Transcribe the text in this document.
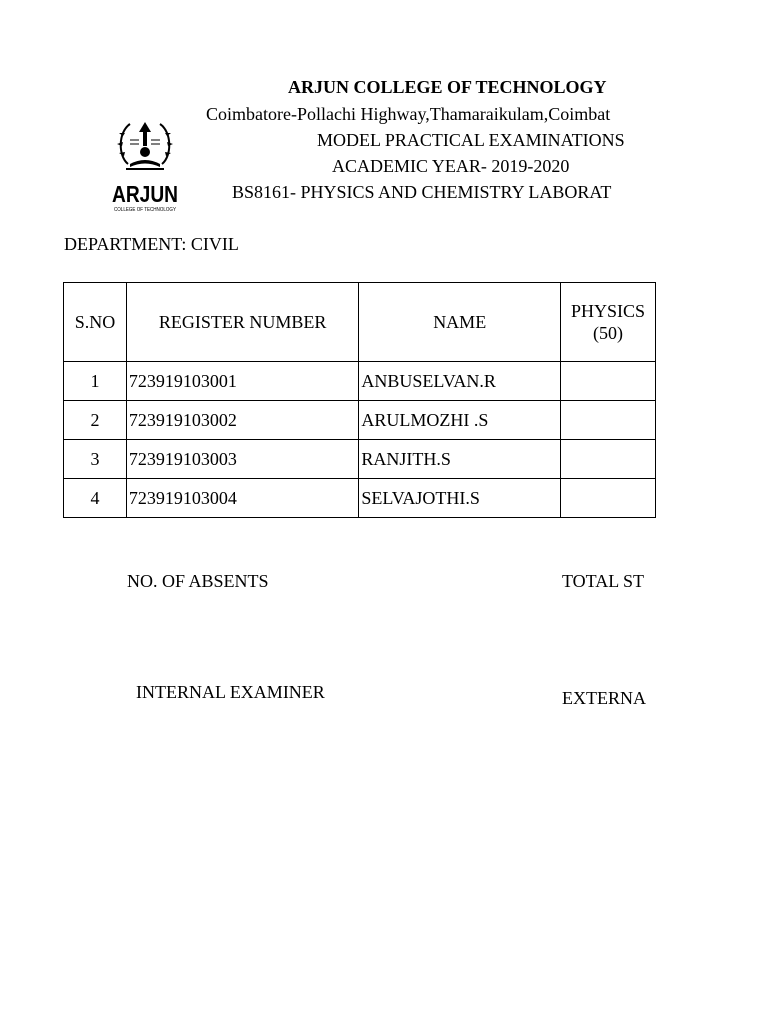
ARJUN
COLLEGE OF TECHNOLOGY
ARJUN COLLEGE OF TECHNOLOGY
Coimbatore-Pollachi Highway,Thamaraikulam,Coimbat
MODEL PRACTICAL EXAMINATIONS
ACADEMIC YEAR- 2019-2020
BS8161- PHYSICS AND CHEMISTRY LABORAT
DEPARTMENT: CIVIL
S.NO	REGISTER NUMBER	NAME	PHYSICS
(50)

1	723919103001	ANBUSELVAN.R	
2	723919103002	ARULMOZHI .S	
3	723919103003	RANJITH.S	
4	723919103004	SELVAJOTHI.S	
NO. OF ABSENTS	TOTAL ST
INTERNAL EXAMINER	EXTERNA
